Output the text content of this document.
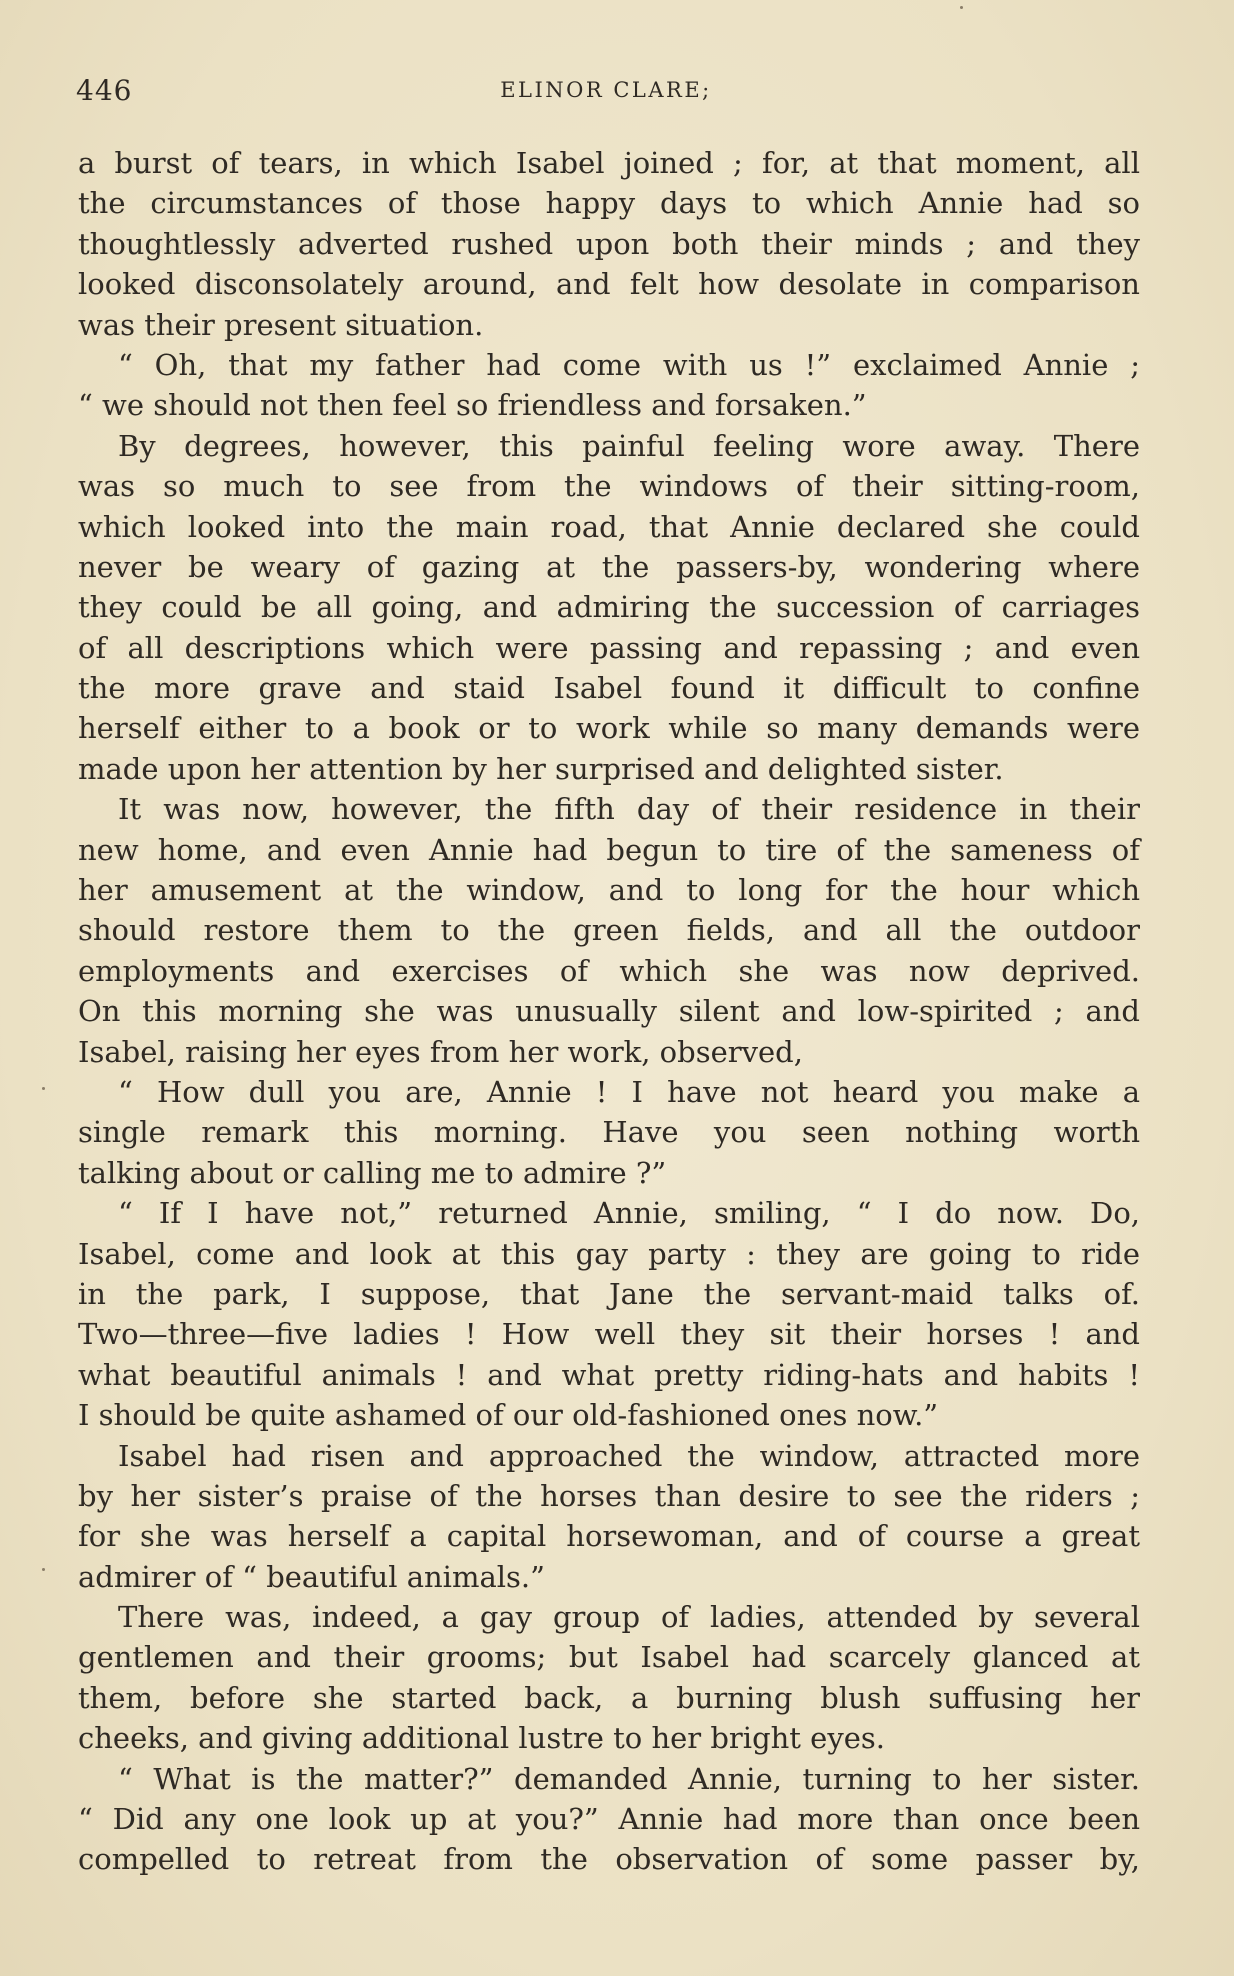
446	ELINOR CLARE;
a burst of tears, in which Isabel joined ; for, at that moment, all
the circumstances of those happy days to which Annie had so
thoughtlessly adverted rushed upon both their minds ; and they
looked disconsolately around, and felt how desolate in comparison
was their present situation.
“ Oh, that my father had come with us !” exclaimed Annie ;
“ we should not then feel so friendless and forsaken.”
By degrees, however, this painful feeling wore away. There
was so much to see from the windows of their sitting-room,
which looked into the main road, that Annie declared she could
never be weary of gazing at the passers-by, wondering where
they could be all going, and admiring the succession of carriages
of all descriptions which were passing and repassing ; and even
the more grave and staid Isabel found it difficult to confine
herself either to a book or to work while so many demands were
made upon her attention by her surprised and delighted sister.
It was now, however, the fifth day of their residence in their
new home, and even Annie had begun to tire of the sameness of
her amusement at the window, and to long for the hour which
should restore them to the green fields, and all the outdoor
employments and exercises of which she was now deprived.
On this morning she was unusually silent and low-spirited ; and
Isabel, raising her eyes from her work, observed,
“ How dull you are, Annie ! I have not heard you make a
single remark this morning. Have you seen nothing worth
talking about or calling me to admire ?”
“ If I have not,” returned Annie, smiling, “ I do now. Do,
Isabel, come and look at this gay party : they are going to ride
in the park, I suppose, that Jane the servant-maid talks of.
Two—three—five ladies ! How well they sit their horses ! and
what beautiful animals ! and what pretty riding-hats and habits !
I should be quite ashamed of our old-fashioned ones now.”
Isabel had risen and approached the window, attracted more
by her sister’s praise of the horses than desire to see the riders ;
for she was herself a capital horsewoman, and of course a great
admirer of “ beautiful animals.”
There was, indeed, a gay group of ladies, attended by several
gentlemen and their grooms; but Isabel had scarcely glanced at
them, before she started back, a burning blush suffusing her
cheeks, and giving additional lustre to her bright eyes.
“ What is the matter?” demanded Annie, turning to her sister.
“ Did any one look up at you?” Annie had more than once been
compelled to retreat from the observation of some passer by,
